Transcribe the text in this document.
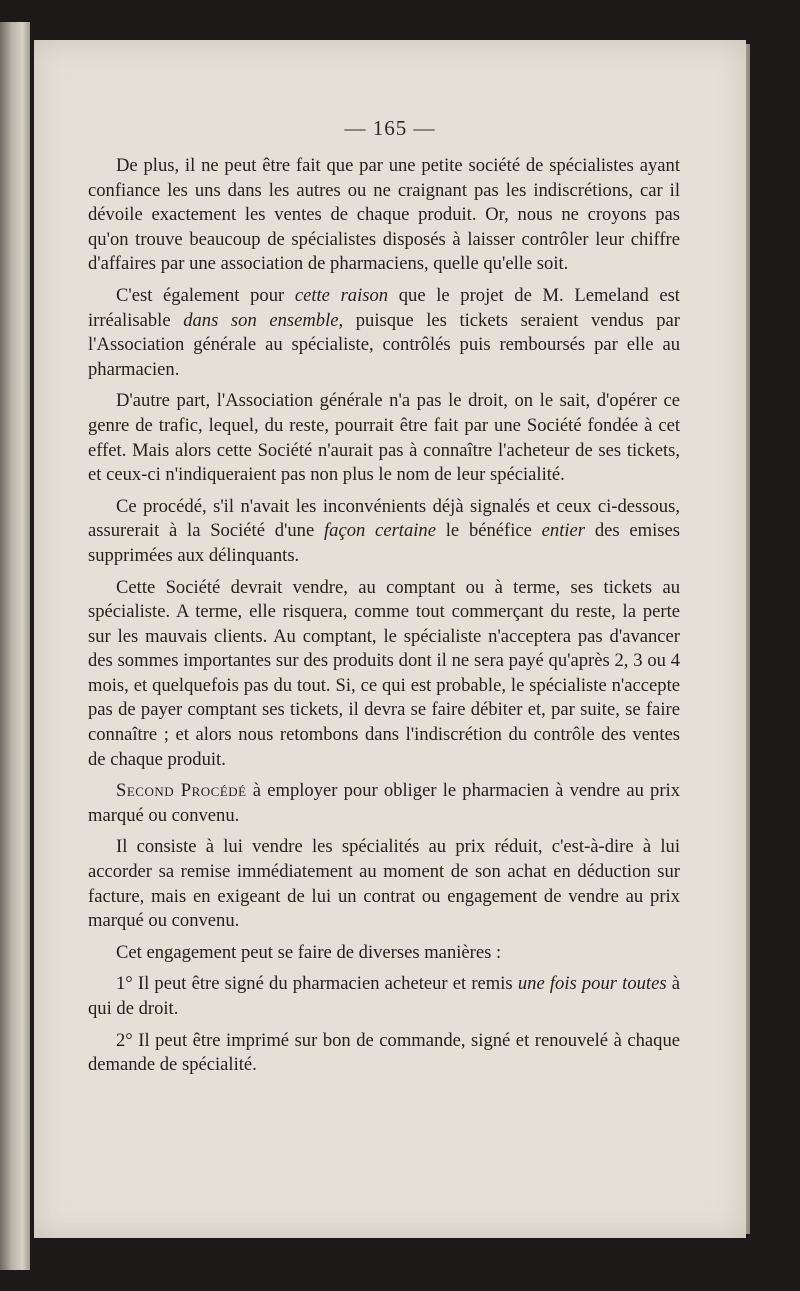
— 165 —

De plus, il ne peut être fait que par une petite société de spécialistes ayant confiance les uns dans les autres ou ne craignant pas les indiscrétions, car il dévoile exactement les ventes de chaque produit. Or, nous ne croyons pas qu'on trouve beaucoup de spécialistes disposés à laisser contrôler leur chiffre d'affaires par une association de pharmaciens, quelle qu'elle soit.

C'est également pour cette raison que le projet de M. Lemeland est irréalisable dans son ensemble, puisque les tickets seraient vendus par l'Association générale au spécialiste, contrôlés puis remboursés par elle au pharmacien.

D'autre part, l'Association générale n'a pas le droit, on le sait, d'opérer ce genre de trafic, lequel, du reste, pourrait être fait par une Société fondée à cet effet. Mais alors cette Société n'aurait pas à connaître l'acheteur de ses tickets, et ceux-ci n'indiqueraient pas non plus le nom de leur spécialité.

Ce procédé, s'il n'avait les inconvénients déjà signalés et ceux ci-dessous, assurerait à la Société d'une façon certaine le bénéfice entier des emises supprimées aux délinquants.

Cette Société devrait vendre, au comptant ou à terme, ses tickets au spécialiste. A terme, elle risquera, comme tout commerçant du reste, la perte sur les mauvais clients. Au comptant, le spécialiste n'acceptera pas d'avancer des sommes importantes sur des produits dont il ne sera payé qu'après 2, 3 ou 4 mois, et quelquefois pas du tout. Si, ce qui est probable, le spécialiste n'accepte pas de payer comptant ses tickets, il devra se faire débiter et, par suite, se faire connaître ; et alors nous retombons dans l'indiscrétion du contrôle des ventes de chaque produit.

Second Procédé à employer pour obliger le pharmacien à vendre au prix marqué ou convenu.

Il consiste à lui vendre les spécialités au prix réduit, c'est-à-dire à lui accorder sa remise immédiatement au moment de son achat en déduction sur facture, mais en exigeant de lui un contrat ou engagement de vendre au prix marqué ou convenu.

Cet engagement peut se faire de diverses manières :

1° Il peut être signé du pharmacien acheteur et remis une fois pour toutes à qui de droit.

2° Il peut être imprimé sur bon de commande, signé et renouvelé à chaque demande de spécialité.
